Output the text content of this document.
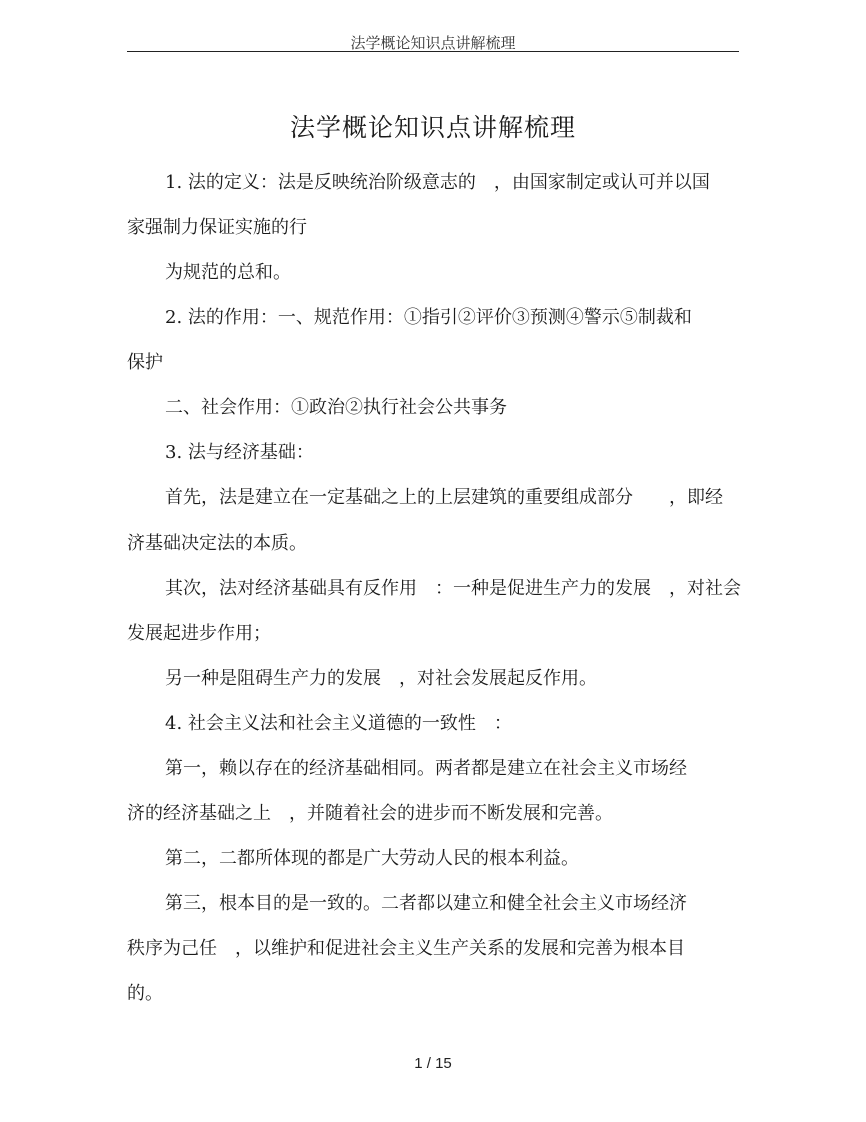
法学概论知识点讲解梳理
法学概论知识点讲解梳理
1. 法的定义：法是反映统治阶级意志的　，由国家制定或认可并以国
家强制力保证实施的行
为规范的总和。
2. 法的作用：一、规范作用：①指引②评价③预测④警示⑤制裁和
保护
二、社会作用：①政治②执行社会公共事务
3. 法与经济基础：
首先，法是建立在一定基础之上的上层建筑的重要组成部分　　，即经
济基础决定法的本质。
其次，法对经济基础具有反作用　：一种是促进生产力的发展　，对社会
发展起进步作用；
另一种是阻碍生产力的发展　，对社会发展起反作用。
4. 社会主义法和社会主义道德的一致性　：
第一，赖以存在的经济基础相同。两者都是建立在社会主义市场经
济的经济基础之上　，并随着社会的进步而不断发展和完善。
第二，二都所体现的都是广大劳动人民的根本利益。
第三，根本目的是一致的。二者都以建立和健全社会主义市场经济
秩序为己任　，以维护和促进社会主义生产关系的发展和完善为根本目
的。
1 / 15
